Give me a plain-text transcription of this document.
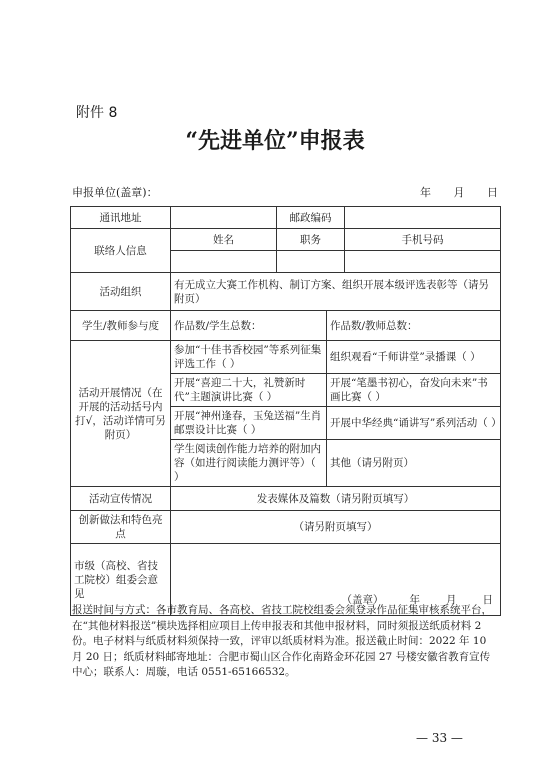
附件 8
“先进单位”申报表
申报单位(盖章)：	年 月 日
通讯地址		邮政编码		
联络人信息	姓名	职务		手机号码

活动组织	有无成立大赛工作机构、制订方案、组织开展本级评选表彰等（请另附页）			
学生/教师参与度	作品数/学生总数：		作品数/教师总数：	
活动开展情况（在开展的活动括号内打√，活动详情可另附页）	参加“十佳书香校园”等系列征集评选工作（ ）		组织观看“千师讲堂”录播课（ ）	
	开展“喜迎二十大，礼赞新时代”主题演讲比赛（ ）		开展“笔墨书初心，奋发向未来”书画比赛（ ）	
	开展“神州逢春，玉兔送福”生肖邮票设计比赛（ ）		开展中华经典“诵讲写”系列活动（ ）	
	学生阅读创作能力培养的附加内容（如进行阅读能力测评等）（ ）		其他（请另附页）	
活动宣传情况	发表媒体及篇数（请另附页填写）			
创新做法和特色亮点	（请另附页填写）			
市级（高校、省技工院校）组委会意见	（盖章） 年 月 日			
报送时间与方式：各市教育局、各高校、省技工院校组委会须登录作品征集审核系统平台，在“其他材料报送”模块选择相应项目上传申报表和其他申报材料，同时须报送纸质材料 2 份。电子材料与纸质材料须保持一致，评审以纸质材料为准。报送截止时间：2022 年 10 月 20 日；纸质材料邮寄地址：合肥市蜀山区合作化南路金环花园 27 号楼安徽省教育宣传中心；联系人：周璇，电话 0551-65166532。
— 33 —
